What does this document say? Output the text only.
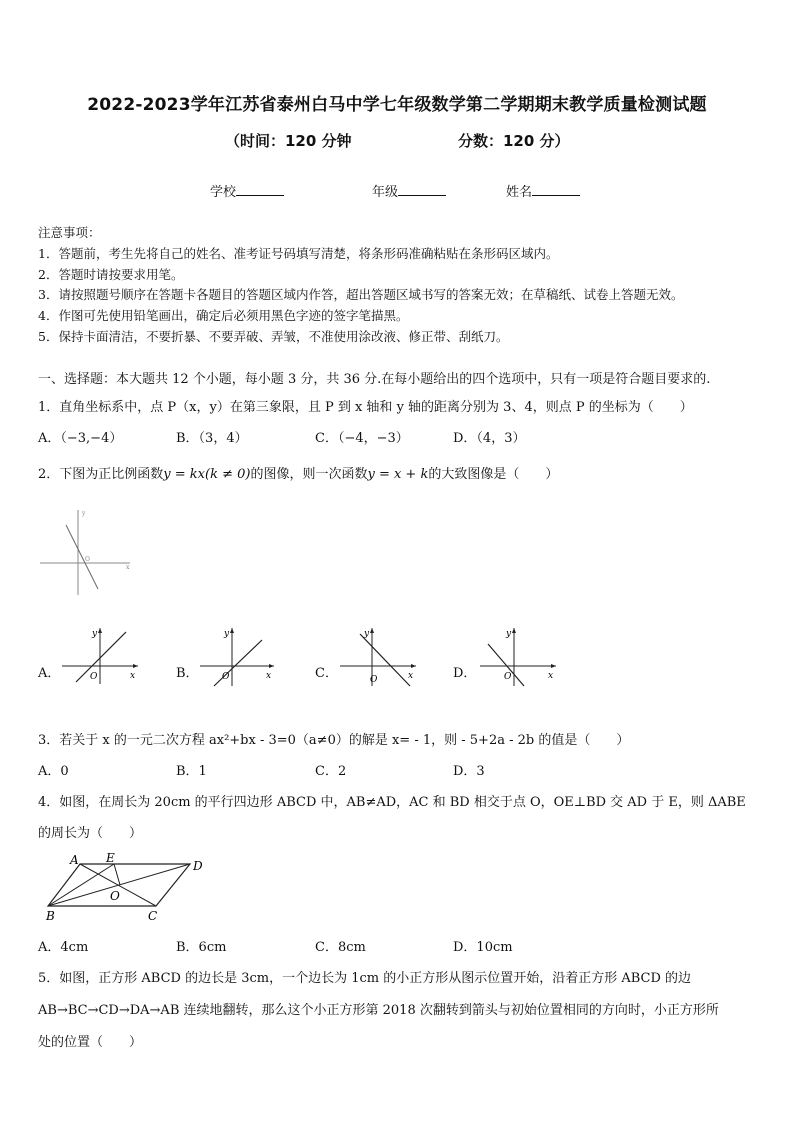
2022-2023学年江苏省泰州白马中学七年级数学第二学期期末教学质量检测试题
（时间：120 分钟	分数：120 分）
学校	年级	姓名
注意事项：
1．答题前，考生先将自己的姓名、准考证号码填写清楚，将条形码准确粘贴在条形码区域内。
2．答题时请按要求用笔。
3．请按照题号顺序在答题卡各题目的答题区域内作答，超出答题区域书写的答案无效；在草稿纸、试卷上答题无效。
4．作图可先使用铅笔画出，确定后必须用黑色字迹的签字笔描黑。
5．保持卡面清洁，不要折暴、不要弄破、弄皱，不准使用涂改液、修正带、刮纸刀。
一、选择题：本大题共 12 个小题，每小题 3 分，共 36 分.在每小题给出的四个选项中，只有一项是符合题目要求的.
1．直角坐标系中，点 P（x，y）在第三象限，且 P 到 x 轴和 y 轴的距离分别为 3、4，则点 P 的坐标为（　　）
A．（−3,−4）	B．（3，4）	C．（−4，−3）	D．（4，3）
2．下图为正比例函数y = kx(k ≠ 0)的图像，则一次函数y = x + k的大致图像是（　　）
y
x
O
A．
y
x
O	B．
y
x
O	C．
y
x
O	D．
y
x
O
3．若关于 x 的一元二次方程 ax²+bx - 3=0（a≠0）的解是 x= - 1，则 - 5+2a - 2b 的值是（　　）
A．0	B．1	C．2	D．3
4．如图，在周长为 20cm 的平行四边形 ABCD 中，AB≠AD，AC 和 BD 相交于点 O，OE⊥BD 交 AD 于 E，则 ΔABE
的周长为（　　）
A E
D
O
B	C
A．4cm	B．6cm	C．8cm	D．10cm
5．如图，正方形 ABCD 的边长是 3cm，一个边长为 1cm 的小正方形从图示位置开始，沿着正方形 ABCD 的边
AB→BC→CD→DA→AB 连续地翻转，那么这个小正方形第 2018 次翻转到箭头与初始位置相同的方向时，小正方形所
处的位置（　　）
